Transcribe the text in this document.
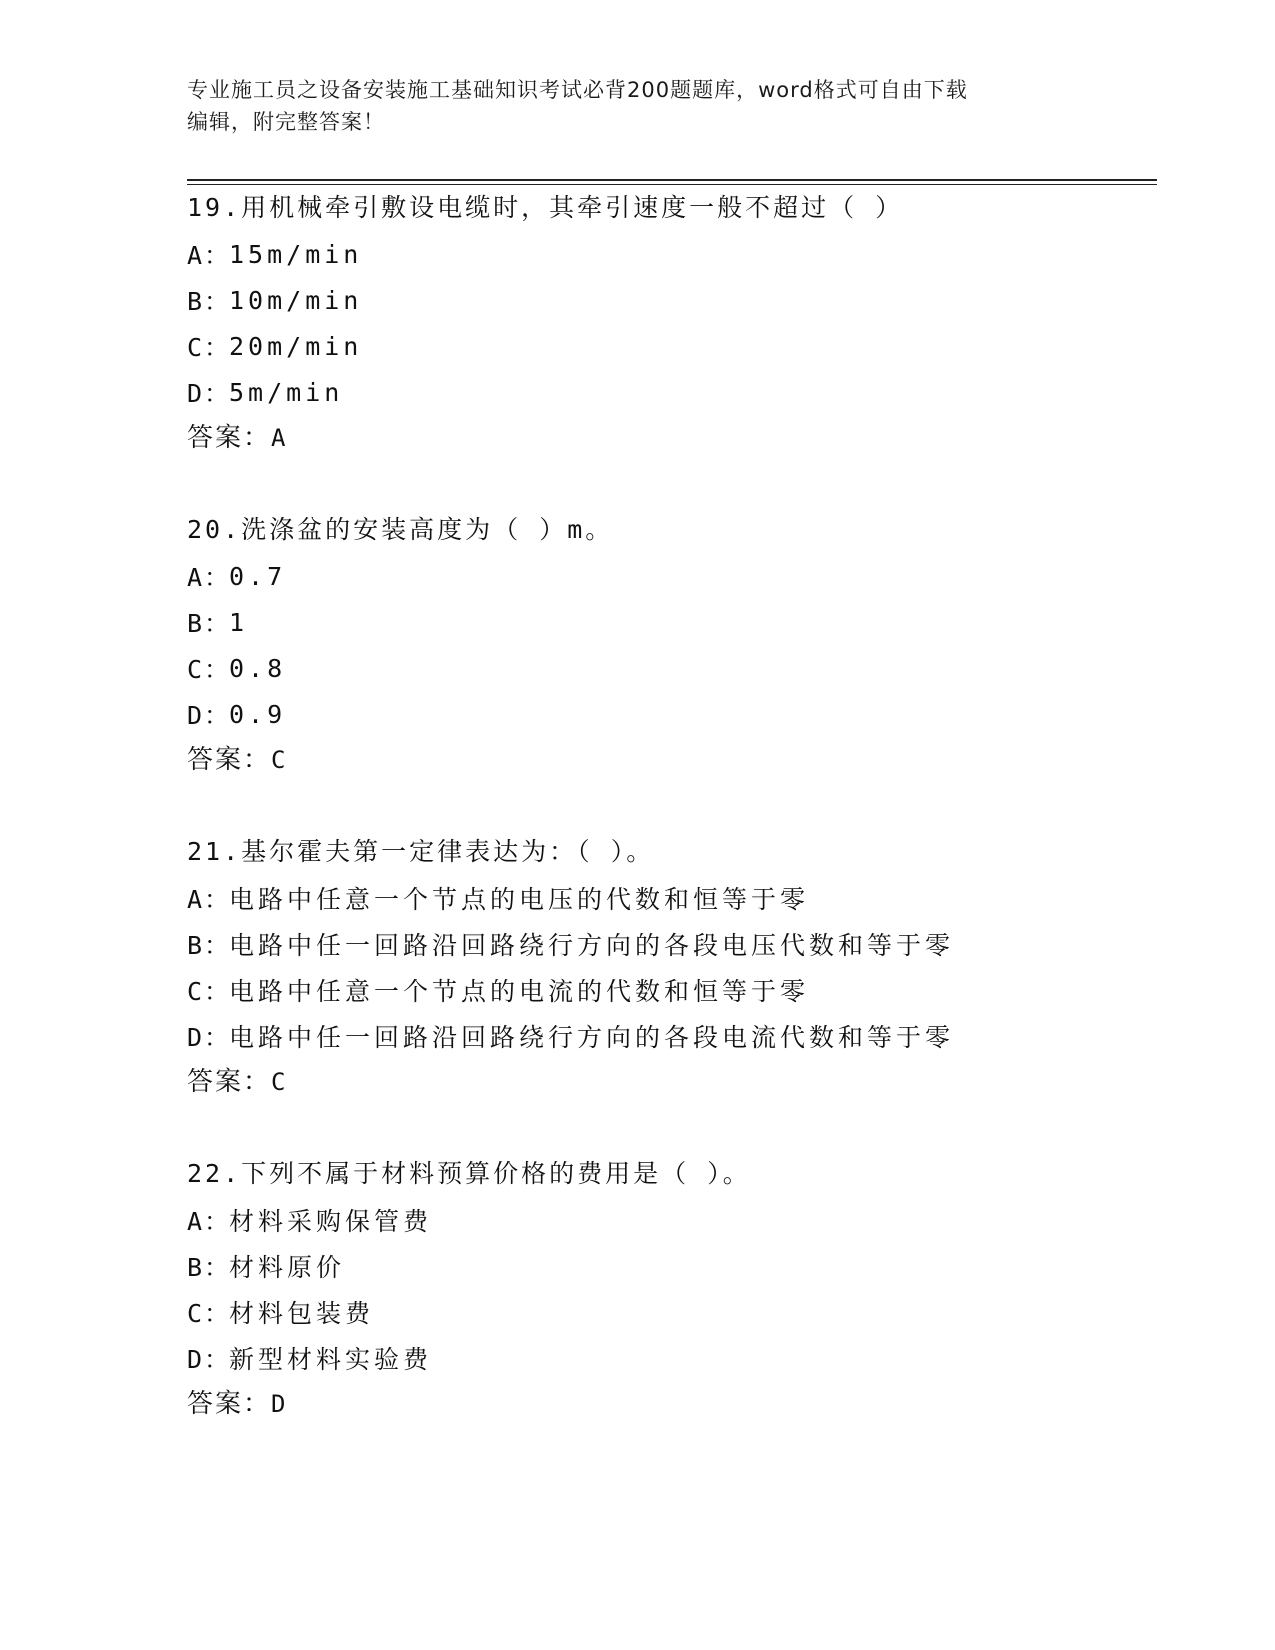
专业施工员之设备安装施工基础知识考试必背200题题库，word格式可自由下载
编辑，附完整答案！
19.用机械牵引敷设电缆时，其牵引速度一般不超过（ ）
A：
15m/min
B：
10m/min
C：
20m/min
D：
5m/min
答案：A
20.洗涤盆的安装高度为（ ）m。
A：
0.7
B：
1
C：
0.8
D：
0.9
答案：C
21.基尔霍夫第一定律表达为：（ ）。
A：
电路中任意一个节点的电压的代数和恒等于零
B：
电路中任一回路沿回路绕行方向的各段电压代数和等于零
C：
电路中任意一个节点的电流的代数和恒等于零
D：
电路中任一回路沿回路绕行方向的各段电流代数和等于零
答案：C
22.下列不属于材料预算价格的费用是（ ）。
A：
材料采购保管费
B：
材料原价
C：
材料包装费
D：
新型材料实验费
答案：D
